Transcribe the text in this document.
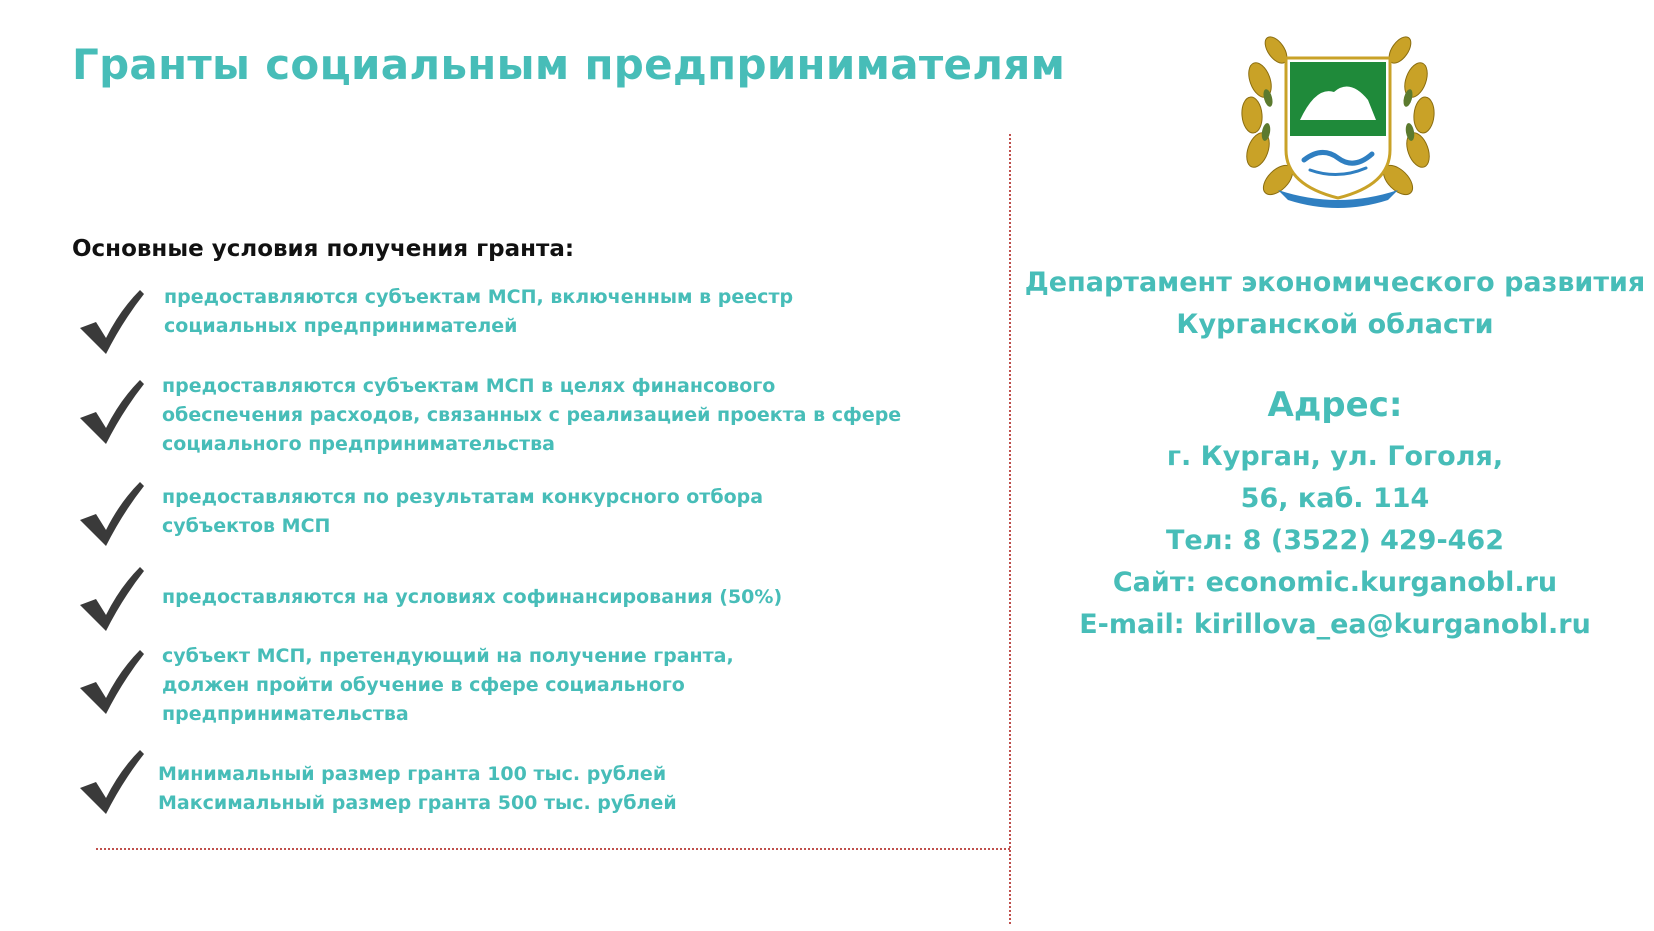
Гранты социальным предпринимателям
Основные условия получения гранта:
предоставляются субъектам МСП, включенным в реестр
социальных предпринимателей
предоставляются субъектам МСП в целях финансового
обеспечения расходов, связанных с реализацией проекта в сфере
социального предпринимательства
предоставляются по результатам конкурсного отбора
субъектов МСП
предоставляются на условиях софинансирования (50%)
субъект МСП, претендующий на получение гранта,
должен пройти обучение в сфере социального
предпринимательства
Минимальный размер гранта 100 тыс. рублей
Максимальный размер гранта 500 тыс. рублей
Департамент экономического развития
Курганской области
Адрес:
г. Курган, ул. Гоголя,
56, каб. 114
Тел: 8 (3522) 429-462
Сайт: economic.kurganobl.ru
E-mail: kirillova_ea@kurganobl.ru
